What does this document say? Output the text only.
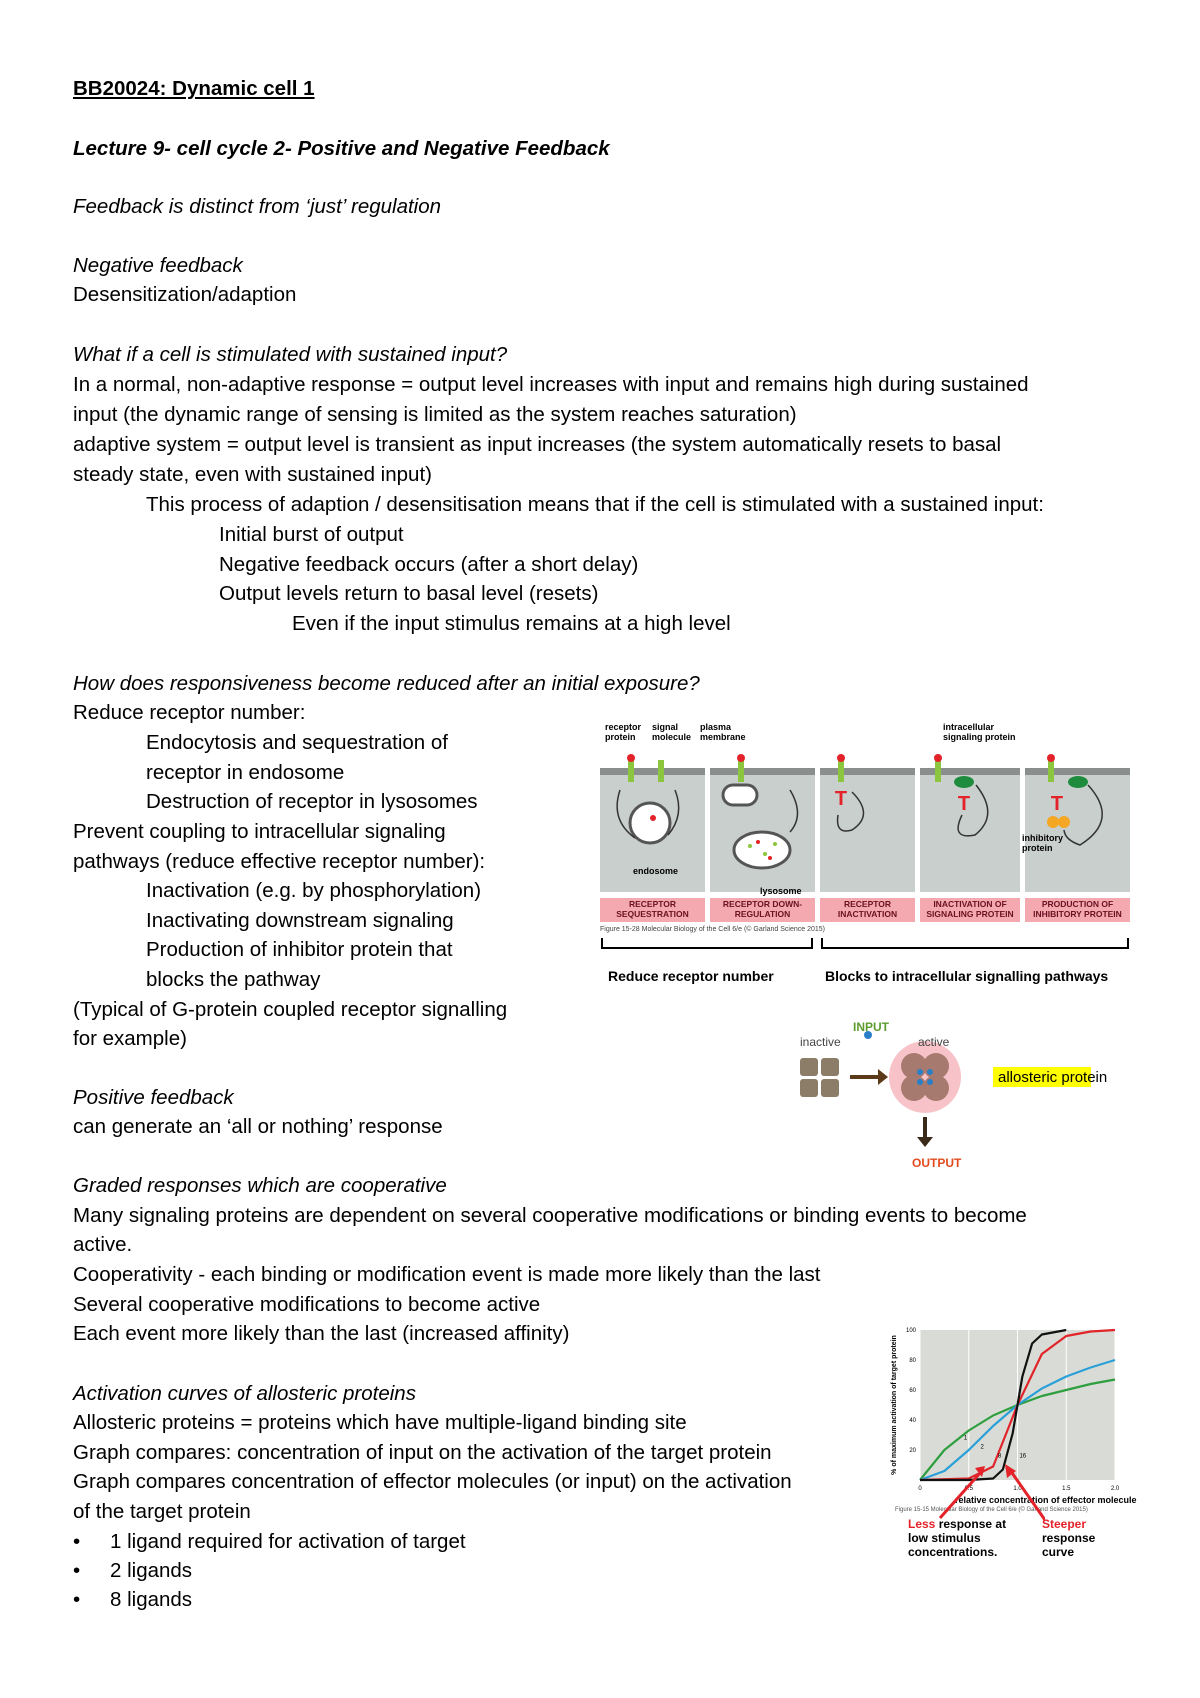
BB20024: Dynamic cell 1
Lecture 9- cell cycle 2- Positive and Negative Feedback
Feedback is distinct from ‘just’ regulation
Negative feedback
Desensitization/adaption
What if a cell is stimulated with sustained input?
In a normal, non-adaptive response = output level increases with input and remains high during sustained
input (the dynamic range of sensing is limited as the system reaches saturation)
adaptive system = output level is transient as input increases (the system automatically resets to basal
steady state, even with sustained input)
This process of adaption / desensitisation means that if the cell is stimulated with a sustained input:
Initial burst of output
Negative feedback occurs (after a short delay)
Output levels return to basal level (resets)
Even if the input stimulus remains at a high level
How does responsiveness become reduced after an initial exposure?
Reduce receptor number:
Endocytosis and sequestration of
receptor in endosome
Destruction of receptor in lysosomes
Prevent coupling to intracellular signaling
pathways (reduce effective receptor number):
Inactivation (e.g. by phosphorylation)
Inactivating downstream signaling
Production of inhibitor protein that
blocks the pathway
(Typical of G-protein coupled receptor signalling
for example)
Positive feedback
can generate an ‘all or nothing’ response
Graded responses which are cooperative
Many signaling proteins are dependent on several cooperative modifications or binding events to become
active.
Cooperativity - each binding or modification event is made more likely than the last
Several cooperative modifications to become active
Each event more likely than the last (increased affinity)
Activation curves of allosteric proteins
Allosteric proteins = proteins which have multiple-ligand binding site
Graph compares: concentration of input on the activation of the target protein
Graph compares concentration of effector molecules (or input) on the activation
of the target protein
• 1 ligand required for activation of target
• 2 ligands
• 8 ligands
T	T	T
receptor protein
signal molecule
plasma membrane
intracellular signaling protein
inhibitory protein
endosome
lysosome
RECEPTOR SEQUESTRATION
RECEPTOR DOWN-REGULATION
RECEPTOR INACTIVATION
INACTIVATION OF SIGNALING PROTEIN
PRODUCTION OF INHIBITORY PROTEIN
Figure 15-28 Molecular Biology of the Cell 6/e (© Garland Science 2015)
Reduce receptor number	Blocks to intracellular signalling pathways
INPUT
inactive	active
OUTPUT
allosteric protein
1
2
8	16
0	0.5	1.0	1.5	2.0
20
40
60
80
100
% of maximum activation of target protein
relative concentration of effector molecule
Figure 15-15 Molecular Biology of the Cell 6/e (© Garland Science 2015)
Less response at
low stimulus
concentrations.
Steeper
response
curve
